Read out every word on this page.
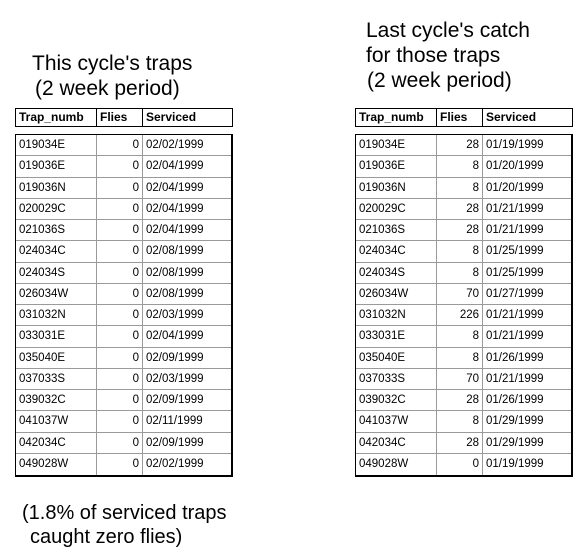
This cycle's traps
(2 week period)
Last cycle's catch
for those traps
(2 week period)
Trap_numb	Flies	Serviced
019034E	0 02/02/1999
019036E	0 02/04/1999
019036N	0 02/04/1999
020029C	0 02/04/1999
021036S	0 02/04/1999
024034C	0 02/08/1999
024034S	0 02/08/1999
026034W	0 02/08/1999
031032N	0 02/03/1999
033031E	0 02/04/1999
035040E	0 02/09/1999
037033S	0 02/03/1999
039032C	0 02/09/1999
041037W	0 02/11/1999
042034C	0 02/09/1999
049028W	0 02/02/1999
Trap_numb	Flies	Serviced
019034E	28 01/19/1999
019036E	8 01/20/1999
019036N	8 01/20/1999
020029C	28 01/21/1999
021036S	28 01/21/1999
024034C	8 01/25/1999
024034S	8 01/25/1999
026034W	70 01/27/1999
031032N	226 01/21/1999
033031E	8 01/21/1999
035040E	8 01/26/1999
037033S	70 01/21/1999
039032C	28 01/26/1999
041037W	8 01/29/1999
042034C	28 01/29/1999
049028W	0 01/19/1999
(1.8% of serviced traps
caught zero flies)
